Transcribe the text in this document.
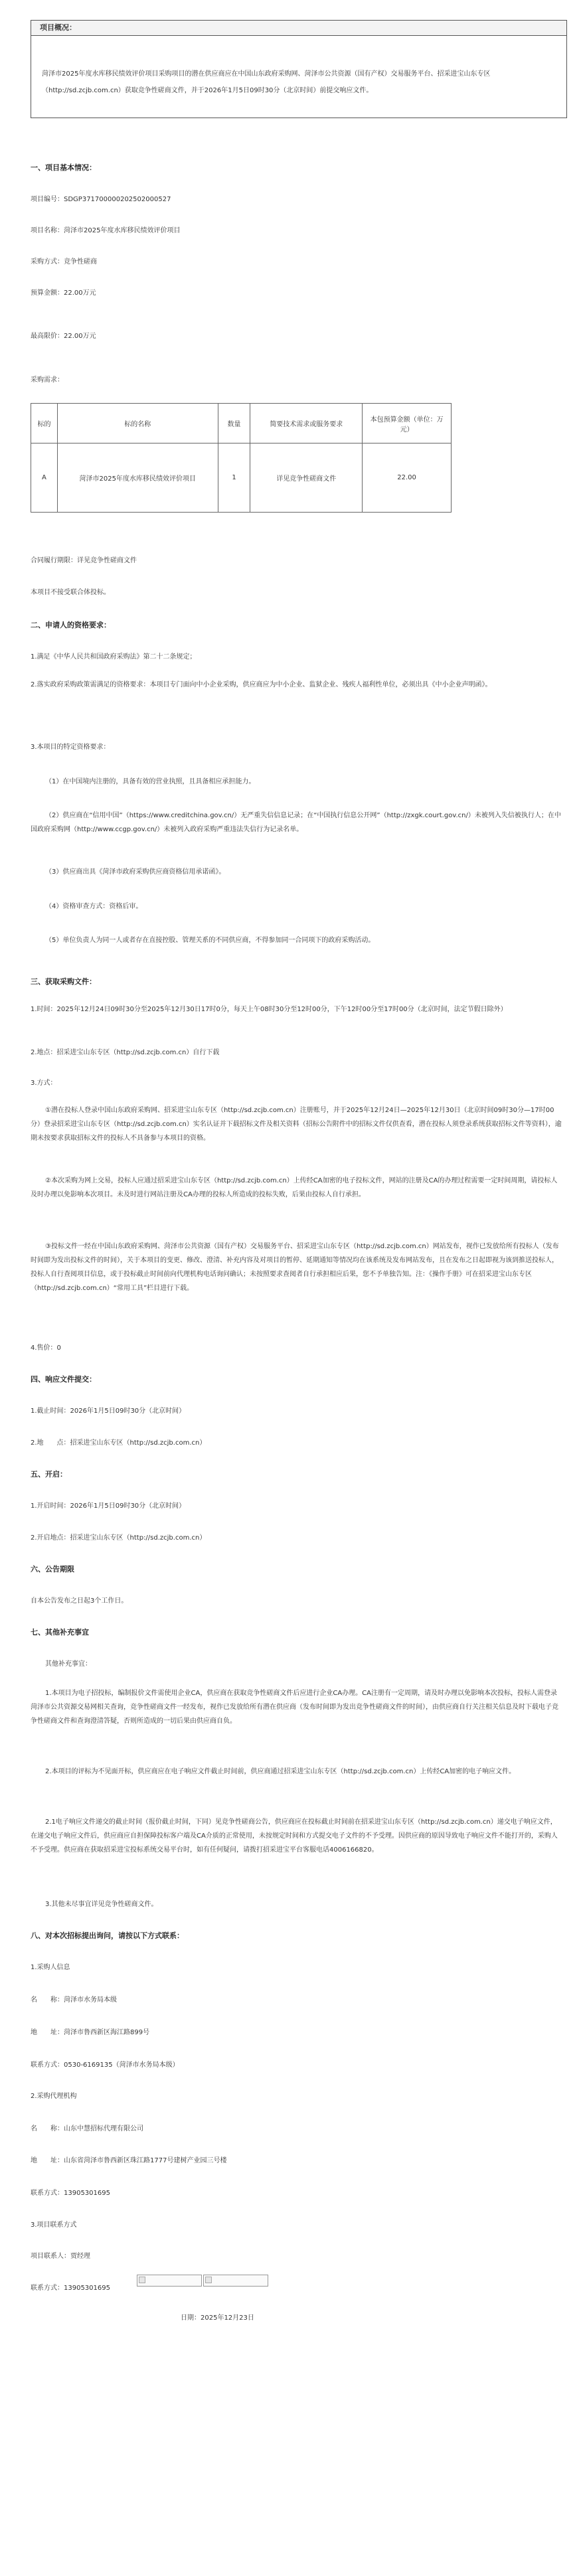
项目概况：
菏泽市2025年度水库移民绩效评价项目采购项目的潜在供应商应在中国山东政府采购网、菏泽市公共资源（国有产权）交易服务平台、招采进宝山东专区（http://sd.zcjb.com.cn）获取竞争性磋商文件，并于2026年1月5日09时30分（北京时间）前提交响应文件。
一、项目基本情况：
项目编号：SDGP371700000202502000527
项目名称：菏泽市2025年度水库移民绩效评价项目
采购方式：竞争性磋商
预算金额：22.00万元
最高限价：22.00万元
采购需求：
标的	标的名称	数量	简要技术需求或服务要求	本包预算金额（单位：万元）
A	菏泽市2025年度水库移民绩效评价项目	1	详见竞争性磋商文件	22.00
合同履行期限：详见竞争性磋商文件
本项目不接受联合体投标。
二、申请人的资格要求：
1.满足《中华人民共和国政府采购法》第二十二条规定；
2.落实政府采购政策需满足的资格要求：本项目专门面向中小企业采购，供应商应为中小企业、监狱企业、残疾人福利性单位，必须出具《中小企业声明函》。
3.本项目的特定资格要求：
（1）在中国境内注册的，具备有效的营业执照，且具备相应承担能力。
（2）供应商在“信用中国”（https://www.creditchina.gov.cn/）无严重失信信息记录；在“中国执行信息公开网”（http://zxgk.court.gov.cn/）未被列入失信被执行人；在中国政府采购网（http://www.ccgp.gov.cn/）未被列入政府采购严重违法失信行为记录名单。
（3）供应商出具《菏泽市政府采购供应商资格信用承诺函》。
（4）资格审查方式：资格后审。
（5）单位负责人为同一人或者存在直接控股、管理关系的不同供应商，不得参加同一合同项下的政府采购活动。
三、获取采购文件：
1.时间：2025年12月24日09时30分至2025年12月30日17时0分，每天上午08时30分至12时00分，下午12时00分至17时00分（北京时间，法定节假日除外）
2.地点：招采进宝山东专区（http://sd.zcjb.com.cn）自行下载
3.方式：
①潜在投标人登录中国山东政府采购网、招采进宝山东专区（http://sd.zcjb.com.cn）注册账号，并于2025年12月24日—2025年12月30日（北京时间09时30分—17时00分）登录招采进宝山东专区（http://sd.zcjb.com.cn）实名认证并下载招标文件及相关资料（招标公告附件中的招标文件仅供查看，潜在投标人须登录系统获取招标文件等资料），逾期未按要求获取招标文件的投标人不具备参与本项目的资格。
②本次采购为网上交易，投标人应通过招采进宝山东专区（http://sd.zcjb.com.cn）上传经CA加密的电子投标文件，网站的注册及CA的办理过程需要一定时间周期，请投标人及时办理以免影响本次项目。未及时进行网站注册及CA办理的投标人所造成的投标失败，后果由投标人自行承担。
③投标文件一经在中国山东政府采购网、菏泽市公共资源（国有产权）交易服务平台、招采进宝山东专区（http://sd.zcjb.com.cn）网站发布，视作已发放给所有投标人（发布时间即为发出投标文件的时间），关于本项目的变更、修改、澄清、补充内容及对项目的暂停、延期通知等情况均在该系统及发布网站发布，且在发布之日起即视为该到推送投标人，投标人自行查阅项目信息，或于投标截止时间前向代理机构电话询问确认；未按照要求查阅者自行承担相应后果，您不予单独告知。注：《操作手册》可在招采进宝山东专区（http://sd.zcjb.com.cn）“常用工具”栏目进行下载。
4.售价：0
四、响应文件提交：
1.截止时间：2026年1月5日09时30分（北京时间）
2.地　　点：招采进宝山东专区（http://sd.zcjb.com.cn）
五、开启：
1.开启时间：2026年1月5日09时30分（北京时间）
2.开启地点：招采进宝山东专区（http://sd.zcjb.com.cn）
六、公告期限
自本公告发布之日起3个工作日。
七、其他补充事宜
其他补充事宜：
1.本项目为电子招投标，编制报价文件需使用企业CA，供应商在获取竞争性磋商文件后应进行企业CA办理。CA注册有一定周期，请及时办理以免影响本次投标，投标人需登录菏泽市公共资源交易网相关查询，竞争性磋商文件一经发布，视作已发放给所有潜在供应商（发布时间即为发出竞争性磋商文件的时间），由供应商自行关注相关信息及时下载电子竞争性磋商文件和查询澄清答疑，否则所造成的一切后果由供应商自负。
2.本项目的评标为不见面开标，供应商应在电子响应文件截止时间前，供应商通过招采进宝山东专区（http://sd.zcjb.com.cn）上传经CA加密的电子响应文件。
2.1电子响应文件递交的截止时间（报价截止时间，下同）见竞争性磋商公告，供应商应在投标截止时间前在招采进宝山东专区（http://sd.zcjb.com.cn）递交电子响应文件，在递交电子响应文件后，供应商应自担保障投标客户端及CA介质的正常使用，未按规定时间和方式提交电子文件的不予受理。因供应商的原因导致电子响应文件不能打开的，采购人不予受理。供应商在获取招采进宝投标系统交易平台时，如有任何疑问，请拨打招采进宝平台客服电话4006166820。
3.其他未尽事宜详见竞争性磋商文件。
八、对本次招标提出询问，请按以下方式联系：
1.采购人信息
名　　称：菏泽市水务局本级
地　　址：菏泽市鲁西新区海江路899号
联系方式：0530-6169135（菏泽市水务局本级）
2.采购代理机构
名　　称：山东中慧招标代理有限公司
地　　址：山东省菏泽市鲁西新区珠江路1777号建树产业园三号楼
联系方式：13905301695
3.项目联系方式
项目联系人：贾经理
联系方式：13905301695
日期：2025年12月23日
